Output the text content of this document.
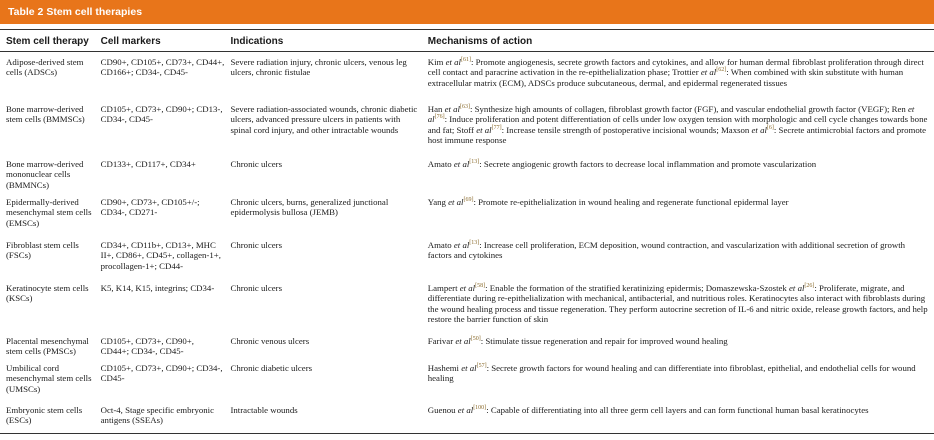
Table 2 Stem cell therapies
Stem cell therapy	Cell markers	Indications	Mechanisms of action
Adipose-derived stem cells (ADSCs)	CD90+, CD105+, CD73+, CD44+, CD166+; CD34-, CD45-	Severe radiation injury, chronic ulcers, venous leg ulcers, chronic fistulae	Kim et al[61]: Promote angiogenesis, secrete growth factors and cytokines, and allow for human dermal fibroblast proliferation through direct cell contact and paracrine activation in the re-epithelialization phase; Trottier et al[62]: When combined with skin substitute with human extracellular matrix (ECM), ADSCs produce subcutaneous, dermal, and epidermal regenerated tissues
Bone marrow-derived stem cells (BMMSCs)	CD105+, CD73+, CD90+; CD13-, CD34-, CD45-	Severe radiation-associated wounds, chronic diabetic ulcers, advanced pressure ulcers in patients with spinal cord injury, and other intractable wounds	Han et al[63]: Synthesize high amounts of collagen, fibroblast growth factor (FGF), and vascular endothelial growth factor (VEGF); Ren et al[76]: Induce proliferation and potent differentiation of cells under low oxygen tension with morphologic and cell cycle changes towards bone and fat; Stoff et al[77]: Increase tensile strength of postoperative incisional wounds; Maxson et al[6]: Secrete antimicrobial factors and promote host immune response
Bone marrow-derived mononuclear cells (BMMNCs)	CD133+, CD117+, CD34+	Chronic ulcers	Amato et al[13]: Secrete angiogenic growth factors to decrease local inflammation and promote vascularization
Epidermally-derived mesenchymal stem cells (EMSCs)	CD90+, CD73+, CD105+/-; CD34-, CD271-	Chronic ulcers, burns, generalized junctional epidermolysis bullosa (JEMB)	Yang et al[69]: Promote re-epithelialization in wound healing and regenerate functional epidermal layer
Fibroblast stem cells (FSCs)	CD34+, CD11b+, CD13+, MHC II+, CD86+, CD45+, collagen-1+, procollagen-1+; CD44-	Chronic ulcers	Amato et al[13]: Increase cell proliferation, ECM deposition, wound contraction, and vascularization with additional secretion of growth factors and cytokines
Keratinocyte stem cells (KSCs)	K5, K14, K15, integrins; CD34-	Chronic ulcers	Lampert et al[58]: Enable the formation of the stratified keratinizing epidermis; Domaszewska-Szostek et al[26]: Proliferate, migrate, and differentiate during re-epithelialization with mechanical, antibacterial, and nutritious roles. Keratinocytes also interact with fibroblasts during the wound healing process and tissue regeneration. They perform autocrine secretion of IL-6 and nitric oxide, release growth factors, and help restore the barrier function of skin
Placental mesenchymal stem cells (PMSCs)	CD105+, CD73+, CD90+, CD44+; CD34-, CD45-	Chronic venous ulcers	Farivar et al[50]: Stimulate tissue regeneration and repair for improved wound healing
Umbilical cord mesenchymal stem cells (UMSCs)	CD105+, CD73+, CD90+; CD34-, CD45-	Chronic diabetic ulcers	Hashemi et al[57]: Secrete growth factors for wound healing and can differentiate into fibroblast, epithelial, and endothelial cells for wound healing
Embryonic stem cells (ESCs)	Oct-4, Stage specific embryonic antigens (SSEAs)	Intractable wounds	Guenou et al[100]: Capable of differentiating into all three germ cell layers and can form functional human basal keratinocytes
